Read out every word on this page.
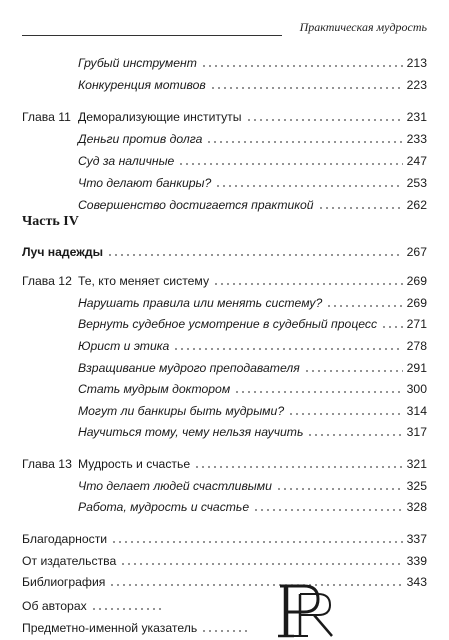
Практическая мудрость
Часть IV
Грубый инструмент	213
Конкуренция мотивов	223
Глава 11 Деморализующие институты	231
Деньги против долга	233
Суд за наличные	247
Что делают банкиры?	253
Совершенство достигается практикой	262
Луч надежды	267
Глава 12 Те, кто меняет систему	269
Нарушать правила или менять систему?	269
Вернуть судебное усмотрение в судебный процесс	271
Юрист и этика	278
Взращивание мудрого преподавателя	291
Стать мудрым доктором	300
Могут ли банкиры быть мудрыми?	314
Научиться тому, чему нельзя научить	317
Глава 13 Мудрость и счастье	321
Что делает людей счастливыми	325
Работа, мудрость и счастье	328
Благодарности	337
От издательства	339
Библиография	343
Об авторах
Предметно-именной указатель
